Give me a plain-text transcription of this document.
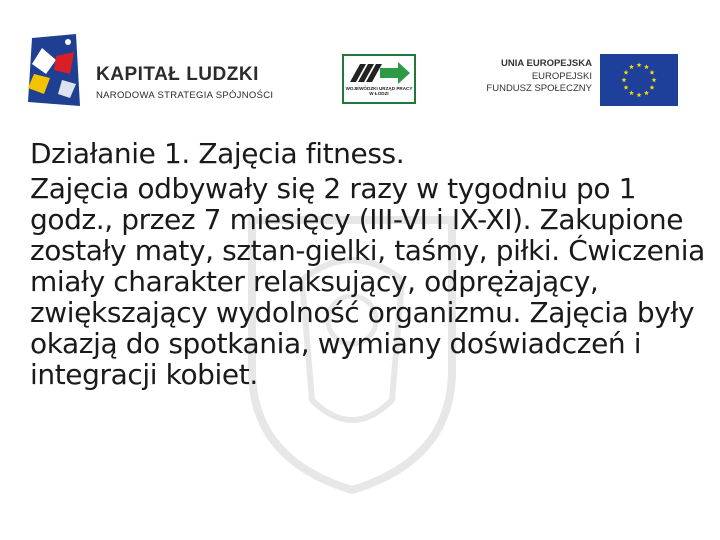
KAPITAŁ LUDZKI
NARODOWA STRATEGIA SPÓJNOŚCI
WOJEWÓDZKI URZĄD PRACY W ŁODZI
UNIA EUROPEJSKA
EUROPEJSKI
FUNDUSZ SPOŁECZNY

Działanie 1. Zajęcia fitness.

Zajęcia odbywały się 2 razy w tygodniu po 1 godz., przez 7 miesięcy (III-VI i IX-XI). Zakupione zostały maty, sztan-gielki, taśmy, piłki. Ćwiczenia miały charakter relaksujący, odprężający, zwiększający wydolność organizmu. Zajęcia były okazją do spotkania, wymiany doświadczeń i integracji kobiet.
